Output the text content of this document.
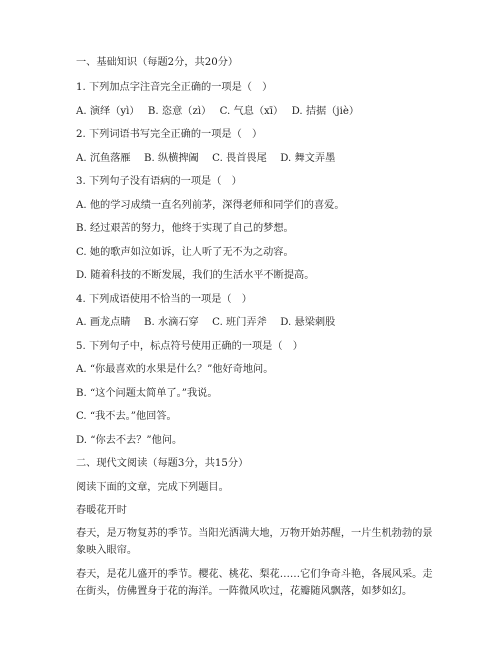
一、基础知识（每题2分，共20分）

1. 下列加点字注音完全正确的一项是（　）

A. 演绎（yì）　 B. 恣意（zì）　 C. 气息（xī）　 D. 拮据（jiè）

2. 下列词语书写完全正确的一项是（　）

A. 沉鱼落雁　 B. 纵横捭阖　 C. 畏首畏尾　 D. 舞文弄墨

3. 下列句子没有语病的一项是（　）

A. 他的学习成绩一直名列前茅，深得老师和同学们的喜爱。

B. 经过艰苦的努力，他终于实现了自己的梦想。

C. 她的歌声如泣如诉，让人听了无不为之动容。

D. 随着科技的不断发展，我们的生活水平不断提高。

4. 下列成语使用不恰当的一项是（　）

A. 画龙点睛　 B. 水滴石穿　 C. 班门弄斧　 D. 悬梁刺股

5. 下列句子中，标点符号使用正确的一项是（　）

A. “你最喜欢的水果是什么？”他好奇地问。

B. “这个问题太简单了。”我说。

C. “我不去。”他回答。

D. “你去不去？”他问。

二、现代文阅读（每题3分，共15分）

阅读下面的文章，完成下列题目。

春暖花开时

春天，是万物复苏的季节。当阳光洒满大地，万物开始苏醒，一片生机勃勃的景象映入眼帘。

春天，是花儿盛开的季节。樱花、桃花、梨花……它们争奇斗艳，各展风采。走在街头，仿佛置身于花的海洋。一阵微风吹过，花瓣随风飘落，如梦如幻。
